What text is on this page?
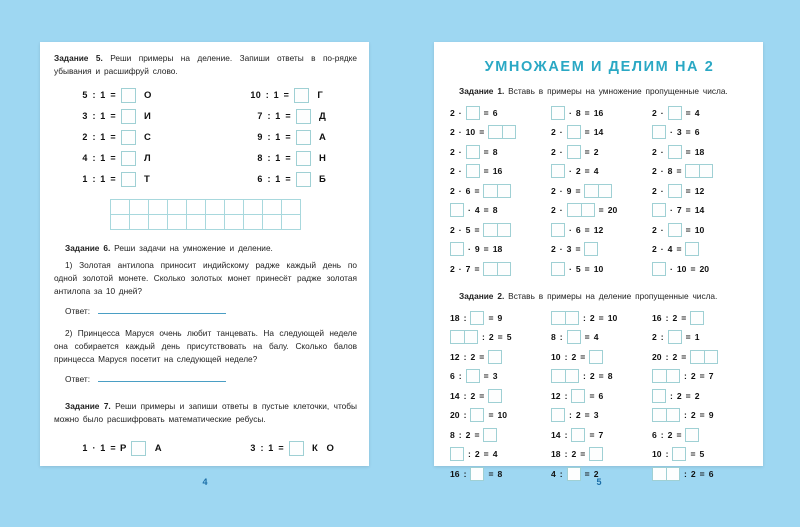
Задание 5. Реши примеры на деление. Запиши ответы в по-рядке убывания и расшифруй слово.
5 : 1 =	О
3 : 1 =	И
2 : 1 =	С
4 : 1 =	Л
1 : 1 =	Т
10 : 1 =	Г
7 : 1 =	Д
9 : 1 =	А
8 : 1 =	Н
6 : 1 =	Б
Задание 6. Реши задачи на умножение и деление.
1) Золотая антилопа приносит индийскому радже каждый день по одной золотой монете. Сколько золотых монет принесёт радже золотая антилопа за 10 дней?
Ответ:
2) Принцесса Маруся очень любит танцевать. На следующей неделе она собирается каждый день присутствовать на балу. Сколько балов принцесса Маруся посетит на следующей неделе?
Ответ:
Задание 7. Реши примеры и запиши ответы в пустые клеточки, чтобы можно было расшифровать математические ребусы.
1 · 1 = Р	А	3 : 1 =	К О
4
УМНОЖАЕМ И ДЕЛИМ НА 2
Задание 1. Вставь в примеры на умножение пропущенные числа.
2 ·	= 6
2 · 10 =
2 ·	= 8
2 ·	= 16
2 · 6 =
· 4 = 8
2 · 5 =
· 9 = 18
2 · 7 =
· 8 = 16
2 ·	= 14
2 ·	= 2
· 2 = 4
2 · 9 =
2 ·	= 20
· 6 = 12
2 · 3 =
· 5 = 10
2 ·	= 4
· 3 = 6
2 ·	= 18
2 · 8 =
2 ·	= 12
· 7 = 14
2 ·	= 10
2 · 4 =
· 10 = 20
Задание 2. Вставь в примеры на деление пропущенные числа.
18 :	= 9
: 2 = 5
12 : 2 =
6 :	= 3
14 : 2 =
20 :	= 10
8 : 2 =
: 2 = 4
16 :	= 8
: 2 = 10
8 :	= 4
10 : 2 =
: 2 = 8
12 :	= 6
: 2 = 3
14 :	= 7
18 : 2 =
4 :	= 2
16 : 2 =
2 :	= 1
20 : 2 =
: 2 = 7
: 2 = 2
: 2 = 9
6 : 2 =
10 :	= 5
: 2 = 6
5
